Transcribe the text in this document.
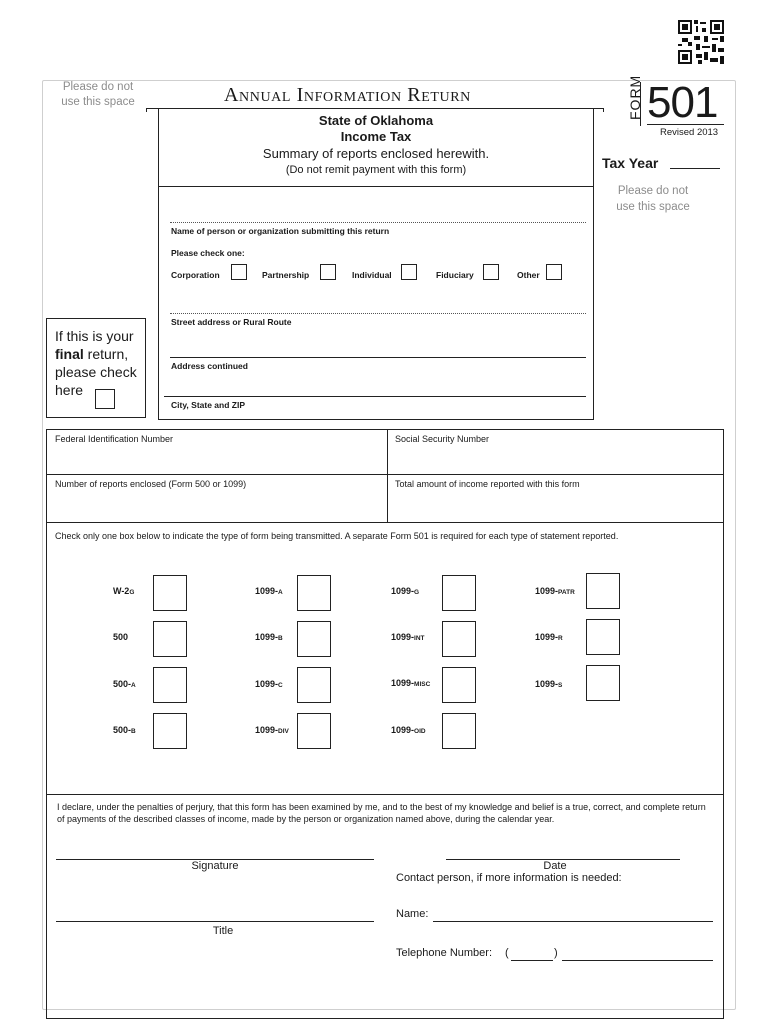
Please do not
use this space	Annual Information Return
State of Oklahoma
Income Tax
Summary of reports enclosed herewith.
(Do not remit payment with this form)
FORM 501
Revised 2013
Tax Year
Please do not
use this space
Name of person or organization submitting this return
Please check one:
Corporation	Partnership	Individual	Fiduciary	Other
Street address or Rural Route
Address continued
City, State and ZIP
If this is your
final return,
please check
here
Federal Identification Number	Social Security Number
Number of reports enclosed (Form 500 or 1099)	Total amount of income reported with this form
Check only one box below to indicate the type of form being transmitted. A separate Form 501 is required for each type of statement reported.
I declare, under the penalties of perjury, that this form has been examined by me, and to the best of my knowledge and belief is a true, correct, and complete return of payments of the described classes of income, made by the person or organization named above, during the calendar year.
W-2G
500
500-A
500-B
1099-A
1099-B
1099-C
1099-DIV
1099-G
1099-INT
1099-MISC
1099-OID
1099-PATR
1099-R
1099-S
Signature	Date
Contact person, if more information is needed:
Name:
Title
Telephone Number: (	)
